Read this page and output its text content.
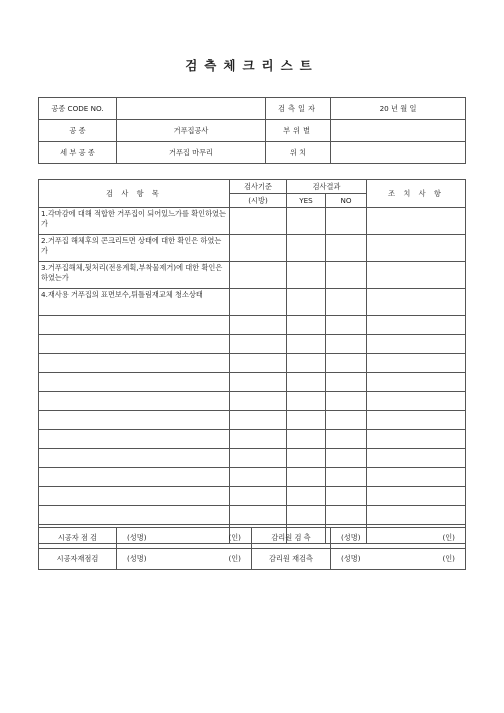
검측체크리스트
공종 CODE NO.		검측일자	20 년 월 일
공 종	거푸집공사	부위별	
세 부 공 종	거푸집 마무리	위 치	
검 사 항 목	검사기준	검사결과		조 치 사 항
	(시방)	YES	NO	
1.각마감에 대해 적합한 거푸집이 되어있느가를 확인하였는가				
2.거푸집 해체후의 콘크리트면 상태에 대한 확인은 하였는가				
3.거푸집해체,뒷처리(전용계획,부착물제거)에 대한 확인은 하였는가				
4.재사용 거푸집의 표면보수,튀틀림재교체 청소상태				

시공자 점 검	(성명) (인)	감리원 검 측	(성명) (인)

시공자재점검	(성명) (인)	감리원 재검측	(성명) (인)
